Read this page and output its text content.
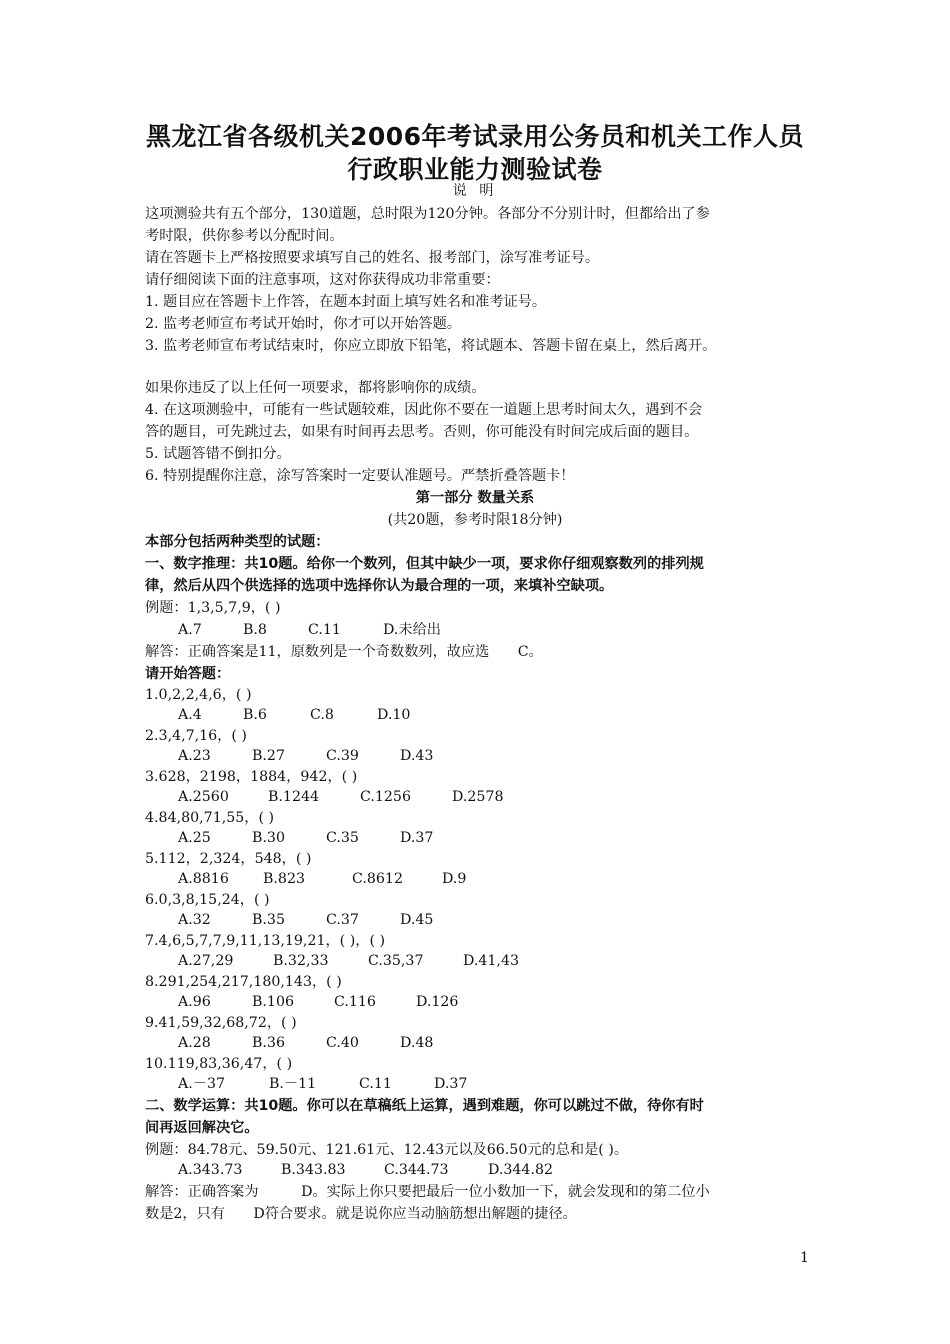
黑龙江省各级机关2006年考试录用公务员和机关工作人员
行政职业能力测验试卷
说 明
这项测验共有五个部分，130道题，总时限为120分钟。各部分不分别计时，但都给出了参
考时限，供你参考以分配时间。
请在答题卡上严格按照要求填写自己的姓名、报考部门，涂写准考证号。
请仔细阅读下面的注意事项，这对你获得成功非常重要：
1. 题目应在答题卡上作答，在题本封面上填写姓名和准考证号。
2. 监考老师宣布考试开始时，你才可以开始答题。
3. 监考老师宣布考试结束时，你应立即放下铅笔，将试题本、答题卡留在桌上，然后离开。
如果你违反了以上任何一项要求，都将影响你的成绩。
4. 在这项测验中，可能有一些试题较难，因此你不要在一道题上思考时间太久，遇到不会
答的题目，可先跳过去，如果有时间再去思考。否则，你可能没有时间完成后面的题目。
5. 试题答错不倒扣分。
6. 特别提醒你注意，涂写答案时一定要认准题号。严禁折叠答题卡！
第一部分 数量关系
(共20题，参考时限18分钟)
本部分包括两种类型的试题：
一、数字推理：共10题。给你一个数列，但其中缺少一项，要求你仔细观察数列的排列规
律，然后从四个供选择的选项中选择你认为最合理的一项，来填补空缺项。
例题：1,3,5,7,9，( )
A.7	B.8	C.11	D.未给出
解答：正确答案是11，原数列是一个奇数数列，故应选　　C。
请开始答题：
1.0,2,2,4,6，( )
A.4	B.6	C.8	D.10
2.3,4,7,16，( )
A.23	B.27	C.39	D.43
3.628，2198，1884，942，( )
A.2560	B.1244	C.1256	D.2578
4.84,80,71,55，( )
A.25	B.30	C.35	D.37
5.112，2,324，548，( )
A.8816 B.823	C.8612	D.9
6.0,3,8,15,24，( )
A.32	B.35	C.37	D.45
7.4,6,5,7,7,9,11,13,19,21，( )，( )
A.27,29	B.32,33	C.35,37	D.41,43
8.291,254,217,180,143，( )
A.96	B.106	C.116	D.126
9.41,59,32,68,72，( )
A.28	B.36	C.40	D.48
10.119,83,36,47，( )
A.－37	B.－11	C.11	D.37
二、数学运算：共10题。你可以在草稿纸上运算，遇到难题，你可以跳过不做，待你有时
间再返回解决它。
例题：84.78元、59.50元、121.61元、12.43元以及66.50元的总和是( )。
A.343.73	B.343.83	C.344.73	D.344.82
解答：正确答案为　　　D。实际上你只要把最后一位小数加一下，就会发现和的第二位小
数是2，只有　　D符合要求。就是说你应当动脑筋想出解题的捷径。
1
